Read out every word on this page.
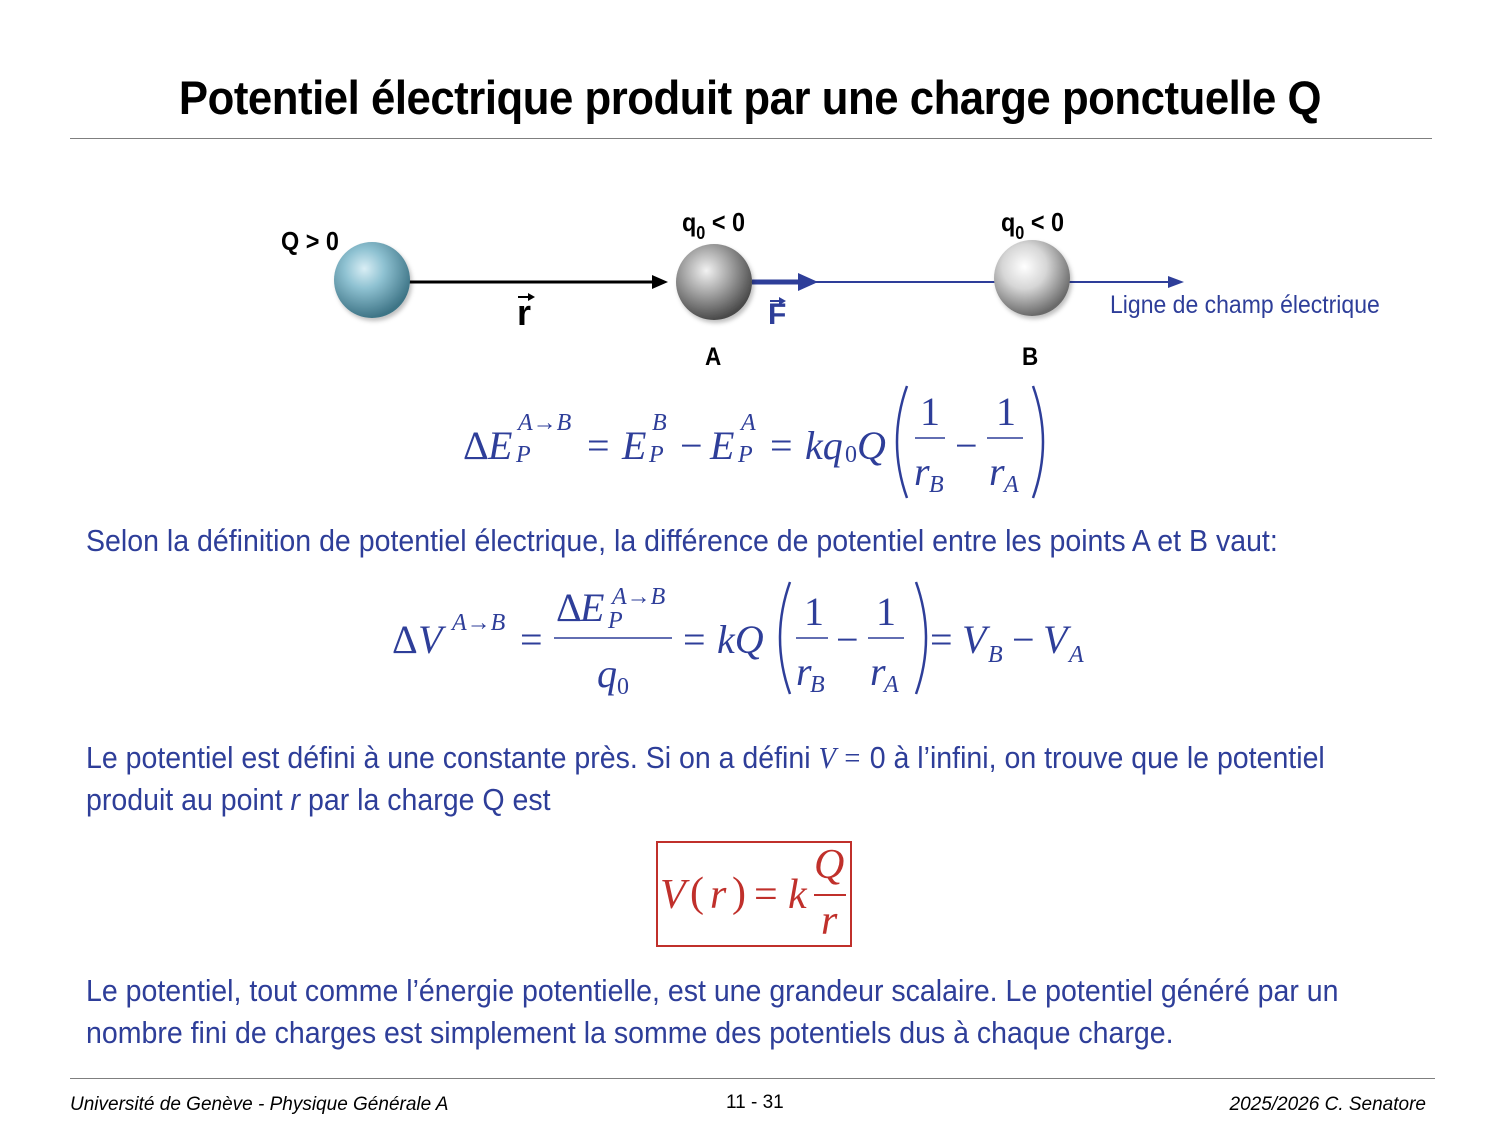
Potentiel électrique produit par une charge ponctuelle Q
Q > 0
$q_0 < 0$	$q_0 < 0$
r	F
A	B
Ligne de champ électrique
Δ E A→B
P = E B
P − E A
P = kq 0 Q
1
r B
−
1
r A
Selon la définition de potentiel électrique, la différence de potentiel entre les points A et B vaut:
Δ V A→B =
Δ
E A→B
P
q 0
= kQ
1
r
B
−
1
r
A
= V B − V A
Le potentiel est défini à une constante près. Si on a défini V = 0 à l’infini, on trouve que le potentiel
produit au point r par la charge Q est
V ( r ) = k
Q
r
Le potentiel, tout comme l’énergie potentielle, est une grandeur scalaire. Le potentiel généré par un
nombre fini de charges est simplement la somme des potentiels dus à chaque charge.
Université de Genève - Physique Générale A	11 - 31	2025/2026 C. Senatore
